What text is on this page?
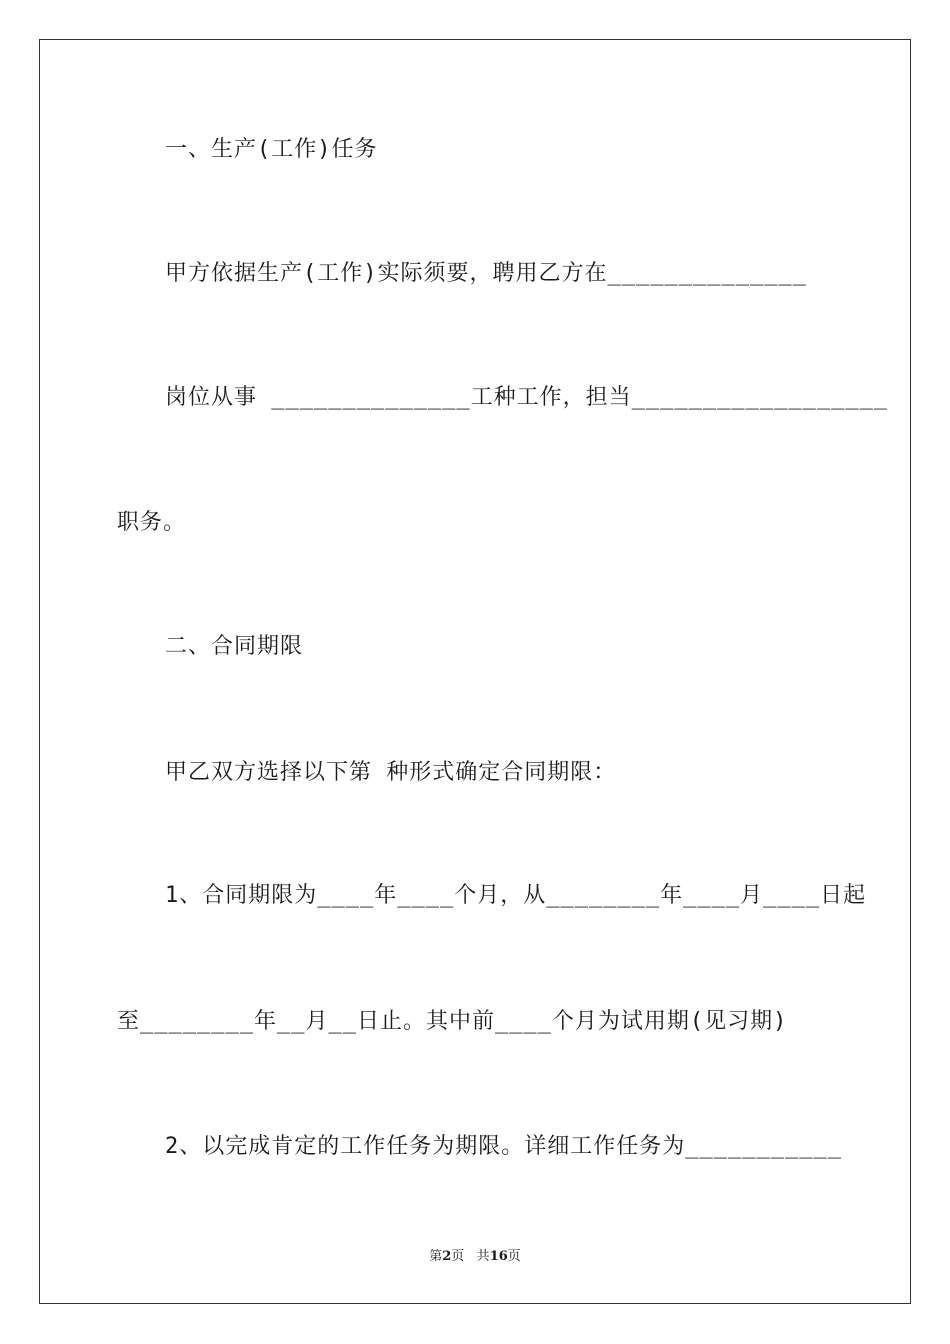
一、生产(工作)任务
甲方依据生产(工作)实际须要，聘用乙方在______________
岗位从事 ______________工种工作，担当__________________
职务。
二、合同期限
甲乙双方选择以下第 种形式确定合同期限：
1、合同期限为____年____个月，从________年____月____日起
至________年__月__日止。其中前____个月为试用期(见习期)
2、以完成肯定的工作任务为期限。详细工作任务为___________
第2页 共16页
